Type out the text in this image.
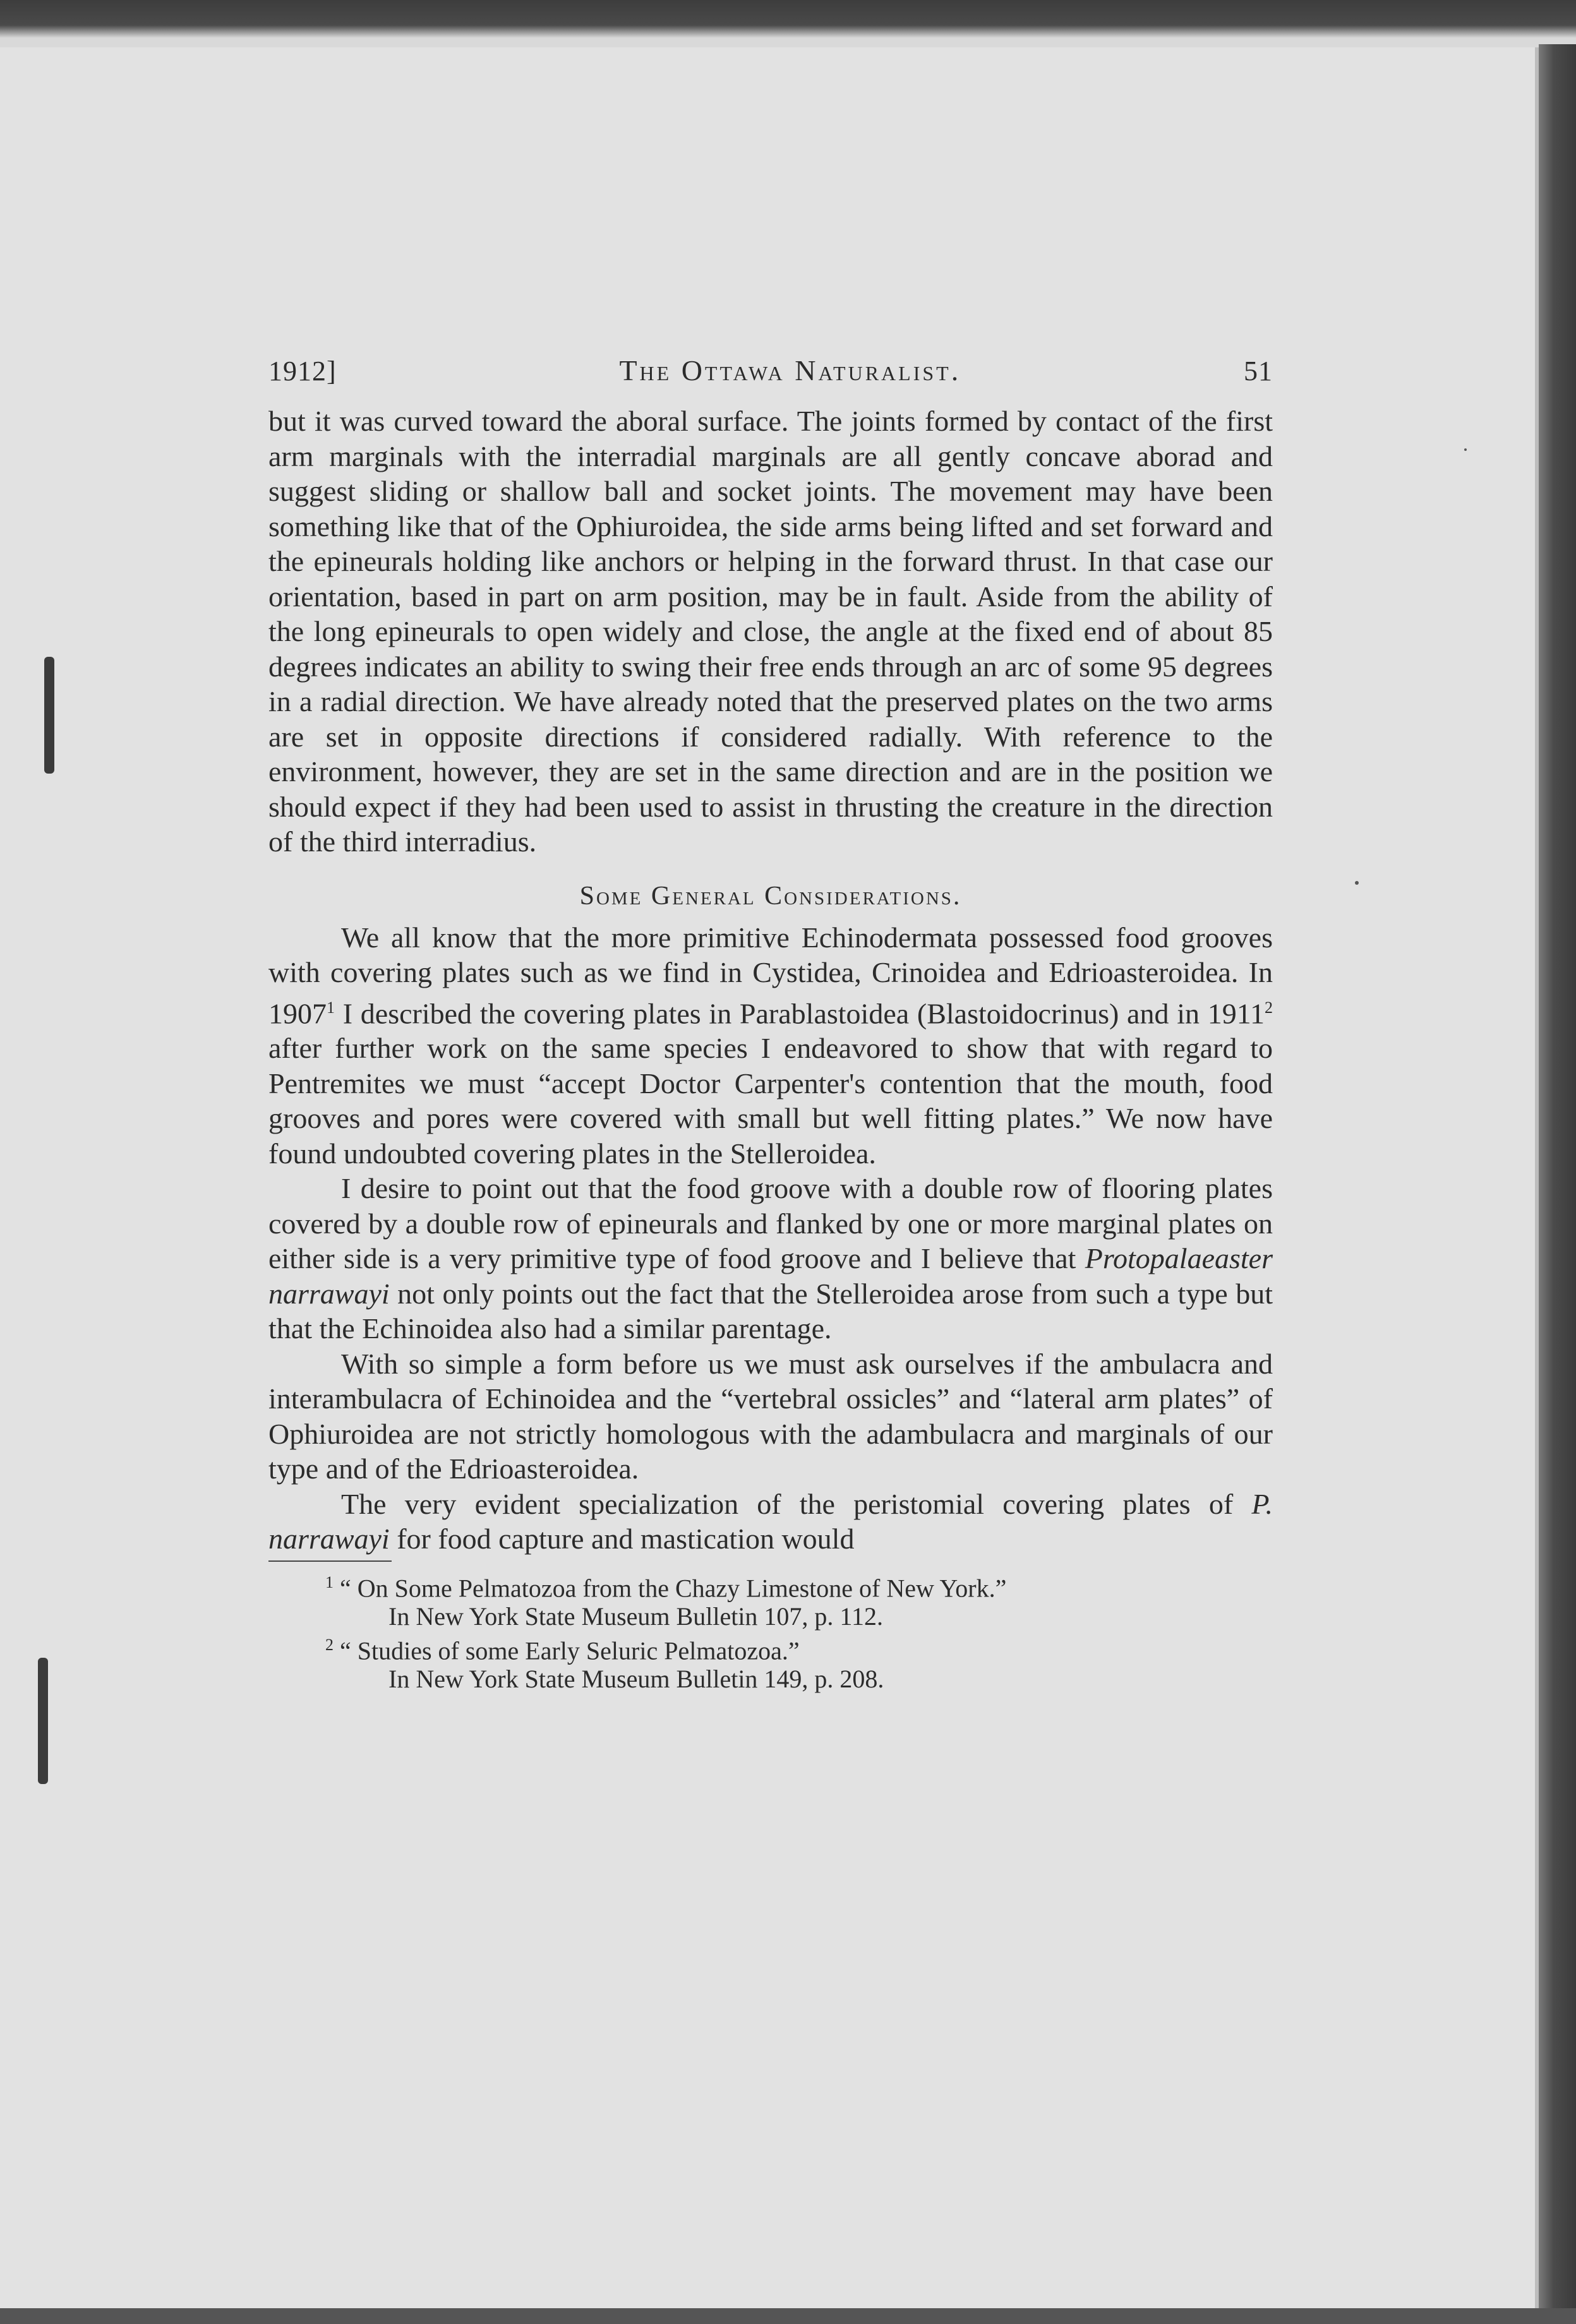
1912]	The Ottawa Naturalist.	51

but it was curved toward the aboral surface. The joints formed by contact of the first arm marginals with the interradial marginals are all gently concave aborad and suggest sliding or shallow ball and socket joints. The movement may have been something like that of the Ophiuroidea, the side arms being lifted and set forward and the epineurals holding like anchors or helping in the forward thrust. In that case our orientation, based in part on arm position, may be in fault. Aside from the ability of the long epineurals to open widely and close, the angle at the fixed end of about 85 degrees indicates an ability to swing their free ends through an arc of some 95 degrees in a radial direction. We have already noted that the preserved plates on the two arms are set in opposite directions if considered radially. With reference to the environment, however, they are set in the same direction and are in the position we should expect if they had been used to assist in thrusting the creature in the direction of the third interradius.

Some General Considerations.

We all know that the more primitive Echinodermata possessed food grooves with covering plates such as we find in Cystidea, Crinoidea and Edrioasteroidea. In 1907$^1$ I described the covering plates in Parablastoidea (Blastoidocrinus) and in 1911$^2$ after further work on the same species I endeavored to show that with regard to Pentremites we must “accept Doctor Carpenter's contention that the mouth, food grooves and pores were covered with small but well fitting plates.” We now have found undoubted covering plates in the Stelleroidea.

I desire to point out that the food groove with a double row of flooring plates covered by a double row of epineurals and flanked by one or more marginal plates on either side is a very primitive type of food groove and I believe that Protopalaeaster narrawayi not only points out the fact that the Stelleroidea arose from such a type but that the Echinoidea also had a similar parentage.

With so simple a form before us we must ask ourselves if the ambulacra and interambulacra of Echinoidea and the “vertebral ossicles” and “lateral arm plates” of Ophiuroidea are not strictly homologous with the adambulacra and marginals of our type and of the Edrioasteroidea.

The very evident specialization of the peristomial covering plates of P. narrawayi for food capture and mastication would

$^1$ “ On Some Pelmatozoa from the Chazy Limestone of New York.”
In New York State Museum Bulletin 107, p. 112.
$^2$ “ Studies of some Early Seluric Pelmatozoa.”
In New York State Museum Bulletin 149, p. 208.
